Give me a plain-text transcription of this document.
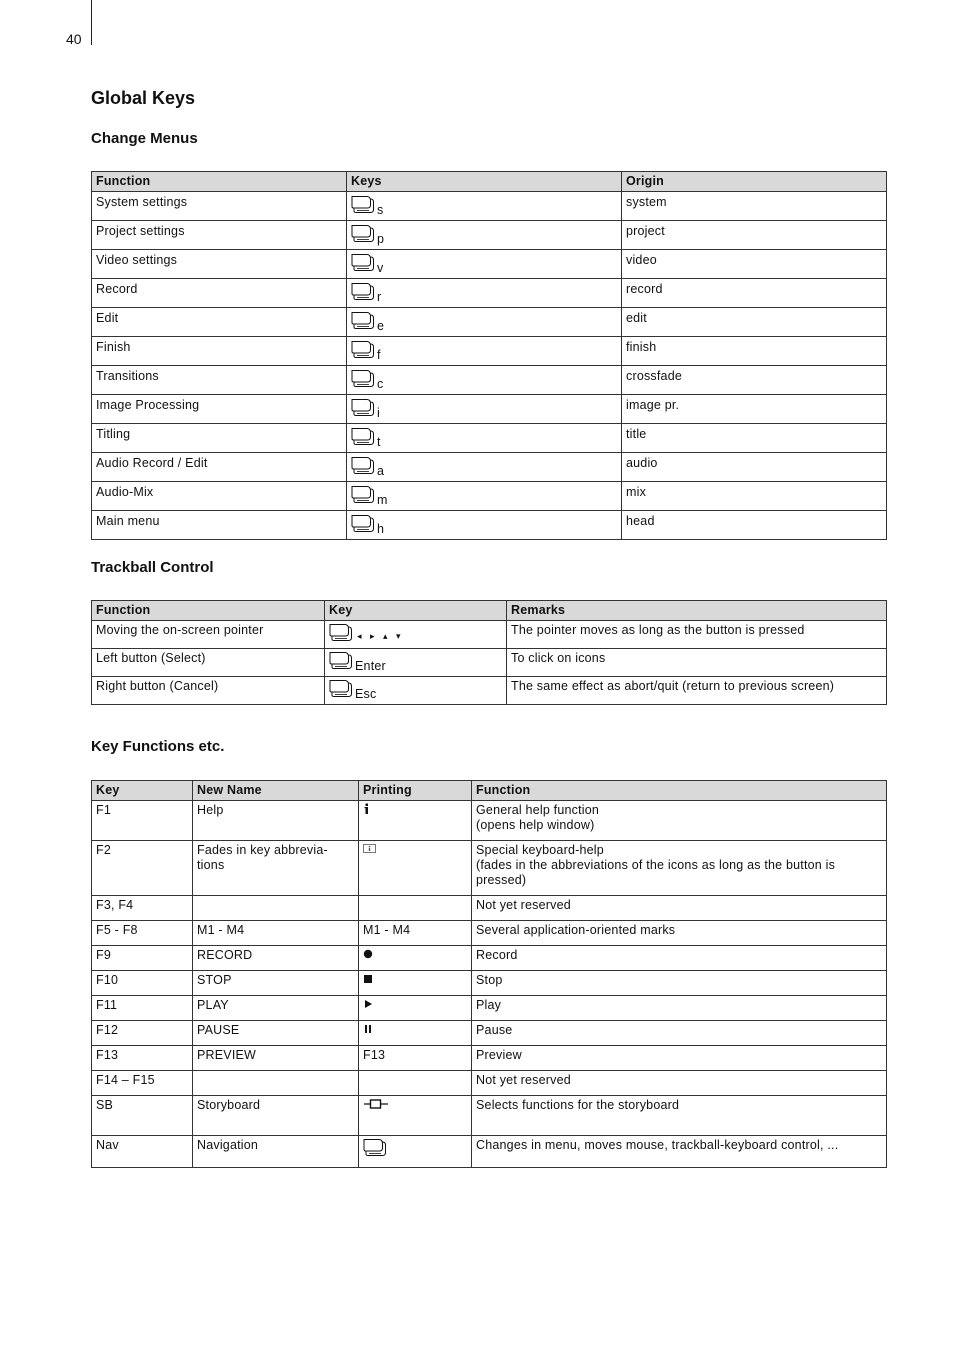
40
Global Keys
Change Menus
Function	Keys	Origin
System settings	s	system
Project settings	p	project
Video settings	v	video
Record	r	record
Edit	e	edit
Finish	f	finish
Transitions	c	crossfade
Image Processing	i	image pr.
Titling	t	title
Audio Record / Edit	a	audio
Audio-Mix	m	mix
Main menu	h	head
Trackball Control
Function	Key	Remarks
Moving the on-screen pointer	◂ ▸ ▴ ▾	The pointer moves as long as the button is pressed
Left button (Select)	Enter	To click on icons
Right button (Cancel)	Esc	The same effect as abort/quit (return to previous screen)
Key Functions etc.
Key	New Name	Printing	Function
F1	Help		General help function
(opens help window)
F2	Fades in key abbrevia-tions		Special keyboard-help
(fades in the abbreviations of the icons as long as the button is pressed)
F3, F4			Not yet reserved
F5 - F8	M1 - M4	M1 - M4	Several application-oriented marks
F9	RECORD		Record
F10	STOP		Stop
F11	PLAY		Play
F12	PAUSE		Pause
F13	PREVIEW	F13	Preview
F14 – F15			Not yet reserved
SB	Storyboard		Selects functions for the storyboard
Nav	Navigation		Changes in menu, moves mouse, trackball-keyboard control, ...
